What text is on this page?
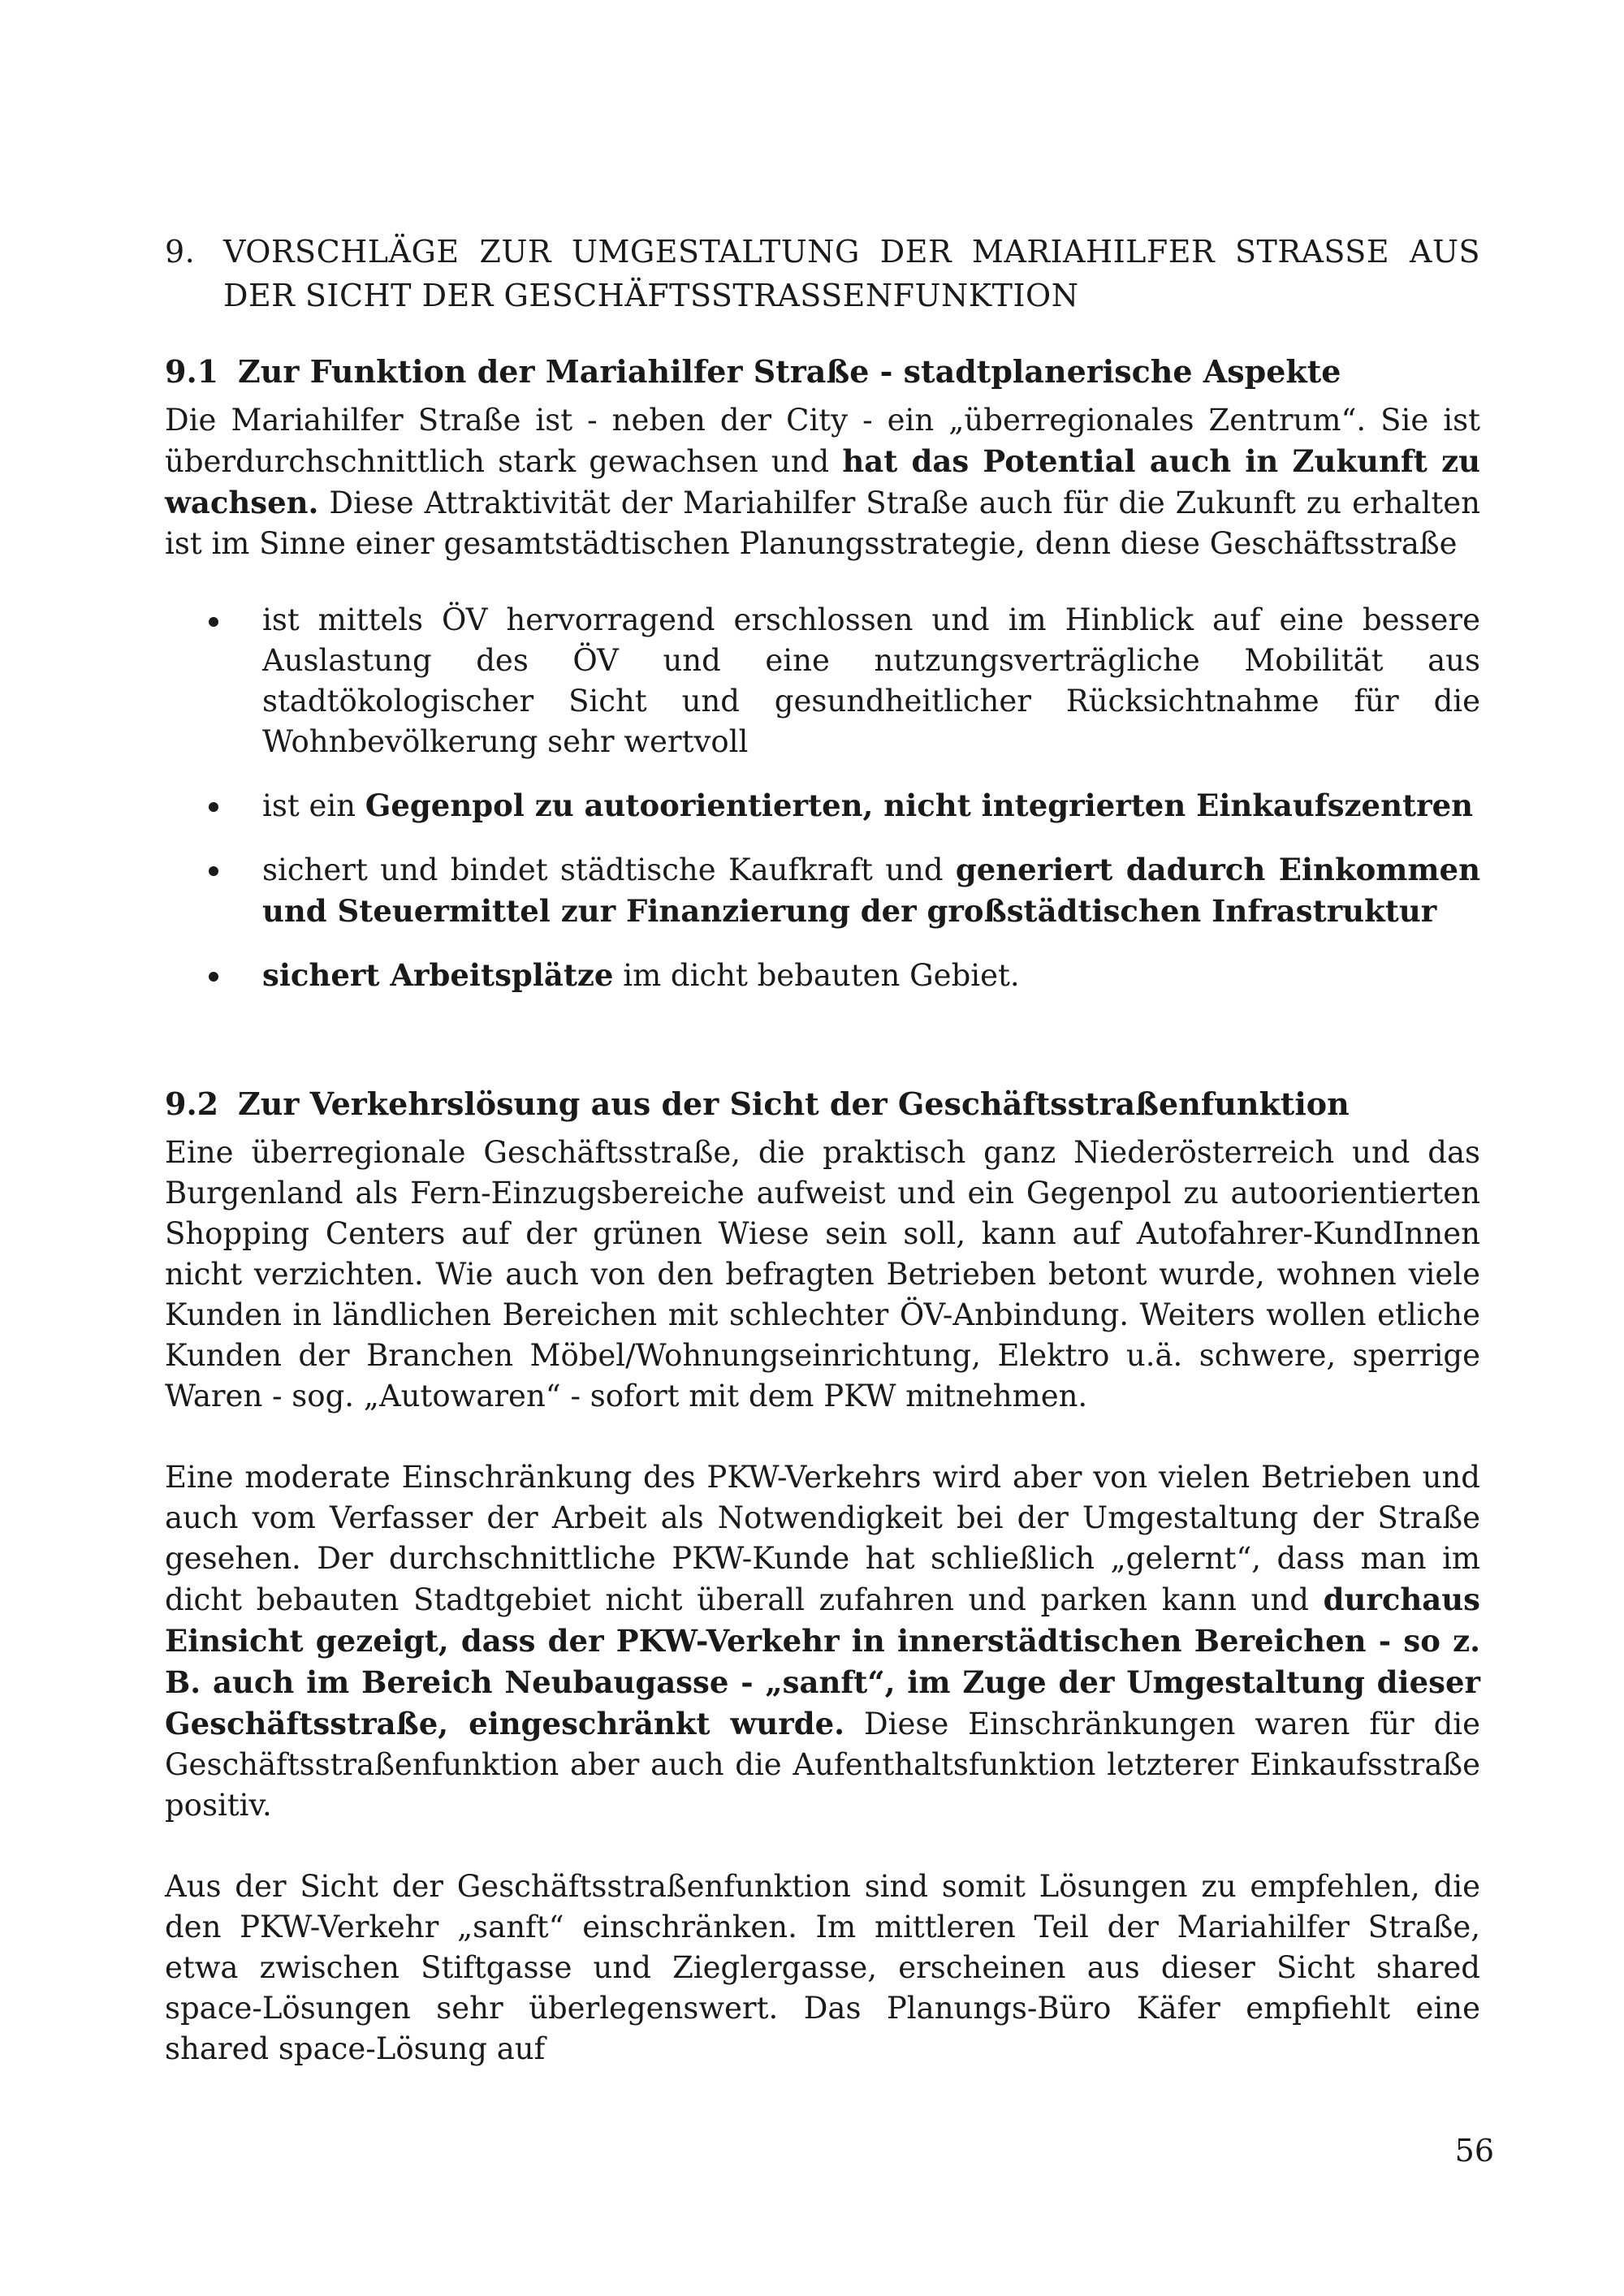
9. VORSCHLÄGE ZUR UMGESTALTUNG DER MARIAHILFER STRASSE AUS DER SICHT DER GESCHÄFTSSTRASSENFUNKTION
9.1 Zur Funktion der Mariahilfer Straße - stadtplanerische Aspekte

Die Mariahilfer Straße ist - neben der City - ein „überregionales Zentrum“. Sie ist überdurchschnittlich stark gewachsen und hat das Potential auch in Zukunft zu wachsen. Diese Attraktivität der Mariahilfer Straße auch für die Zukunft zu erhalten ist im Sinne einer gesamtstädtischen Planungsstrategie, denn diese Geschäftsstraße

ist mittels ÖV hervorragend erschlossen und im Hinblick auf eine bessere Auslastung des ÖV und eine nutzungsverträgliche Mobilität aus stadtökologischer Sicht und gesundheitlicher Rücksichtnahme für die Wohnbevölkerung sehr wertvoll
ist ein Gegenpol zu autoorientierten, nicht integrierten Einkaufszentren
sichert und bindet städtische Kaufkraft und generiert dadurch Einkommen und Steuermittel zur Finanzierung der großstädtischen Infrastruktur
sichert Arbeitsplätze im dicht bebauten Gebiet.
9.2 Zur Verkehrslösung aus der Sicht der Geschäftsstraßenfunktion

Eine überregionale Geschäftsstraße, die praktisch ganz Niederösterreich und das Burgenland als Fern-Einzugsbereiche aufweist und ein Gegenpol zu autoorientierten Shopping Centers auf der grünen Wiese sein soll, kann auf Autofahrer-KundInnen nicht verzichten. Wie auch von den befragten Betrieben betont wurde, wohnen viele Kunden in ländlichen Bereichen mit schlechter ÖV-Anbindung. Weiters wollen etliche Kunden der Branchen Möbel/Wohnungseinrichtung, Elektro u.ä. schwere, sperrige Waren - sog. „Autowaren“ - sofort mit dem PKW mitnehmen.

Eine moderate Einschränkung des PKW-Verkehrs wird aber von vielen Betrieben und auch vom Verfasser der Arbeit als Notwendigkeit bei der Umgestaltung der Straße gesehen. Der durchschnittliche PKW-Kunde hat schließlich „gelernt“, dass man im dicht bebauten Stadtgebiet nicht überall zufahren und parken kann und durchaus Einsicht gezeigt, dass der PKW-Verkehr in innerstädtischen Bereichen - so z. B. auch im Bereich Neubaugasse - „sanft“, im Zuge der Umgestaltung dieser Geschäftsstraße, eingeschränkt wurde. Diese Einschränkungen waren für die Geschäftsstraßenfunktion aber auch die Aufenthaltsfunktion letzterer Einkaufsstraße positiv.

Aus der Sicht der Geschäftsstraßenfunktion sind somit Lösungen zu empfehlen, die den PKW-Verkehr „sanft“ einschränken. Im mittleren Teil der Mariahilfer Straße, etwa zwischen Stiftgasse und Zieglergasse, erscheinen aus dieser Sicht shared space-Lösungen sehr überlegenswert. Das Planungs-Büro Käfer empfiehlt eine shared space-Lösung auf

56
